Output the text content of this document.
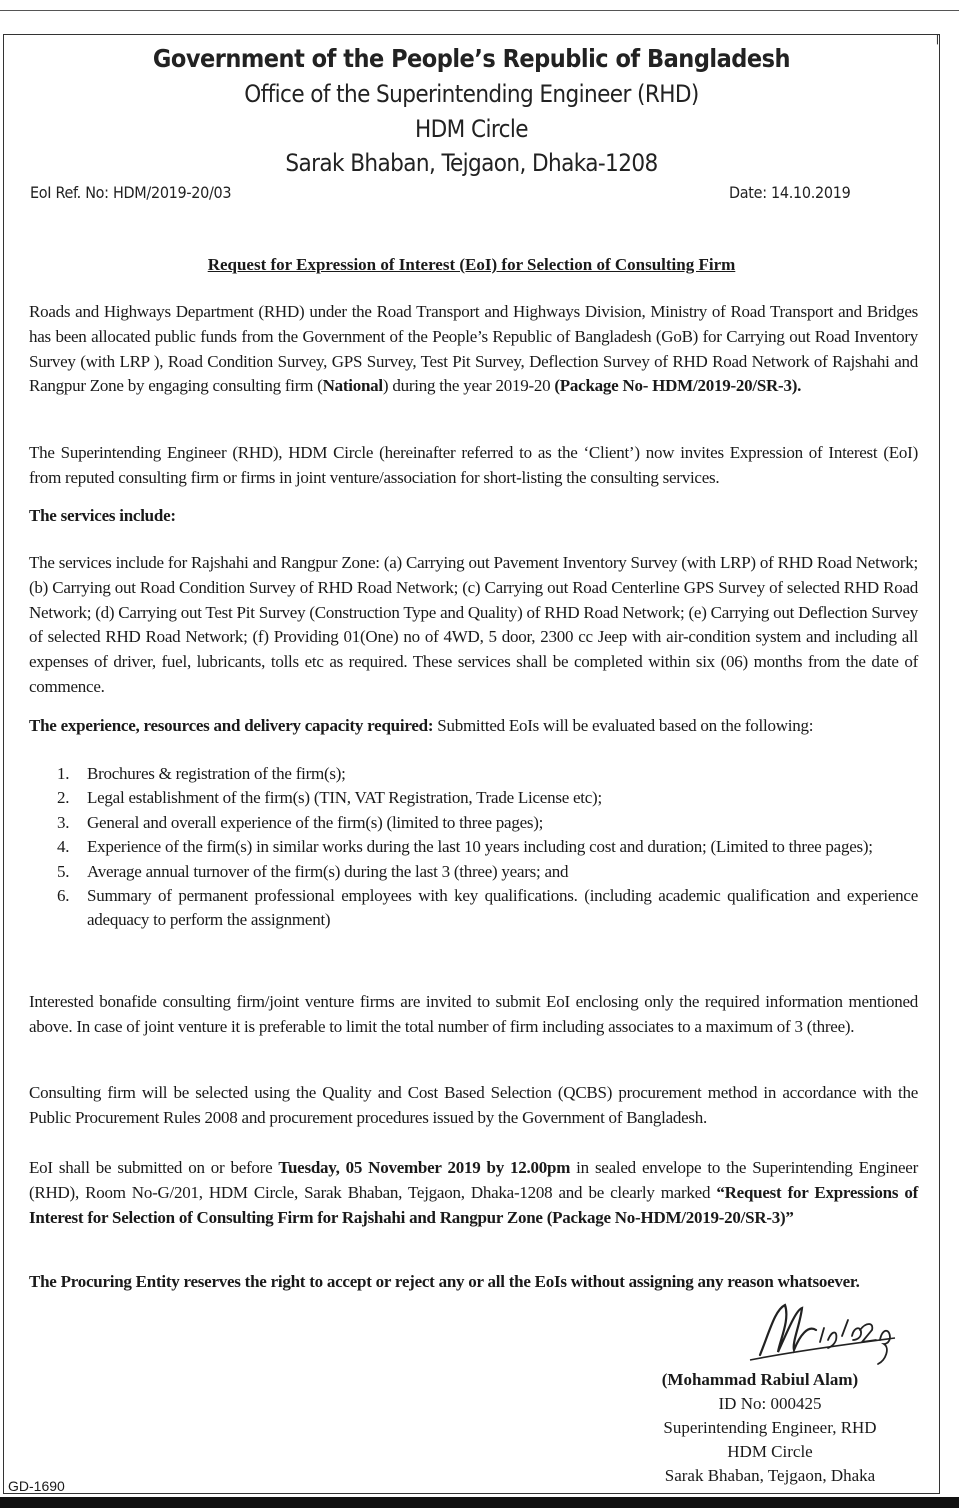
⌈
Government of the People’s Republic of Bangladesh
Office of the Superintending Engineer (RHD)
HDM Circle
Sarak Bhaban, Tejgaon, Dhaka-1208
EoI Ref. No: HDM/2019-20/03	Date: 14.10.2019
Request for Expression of Interest (EoI) for Selection of Consulting Firm
Roads and Highways Department (RHD) under the Road Transport and Highways Division, Ministry of Road Transport and Bridges has been allocated public funds from the Government of the People’s Republic of Bangladesh (GoB) for Carrying out Road Inventory Survey (with LRP ), Road Condition Survey, GPS Survey, Test Pit Survey, Deflection Survey of RHD Road Network of Rajshahi and Rangpur Zone by engaging consulting firm (National) during the year 2019-20 (Package No- HDM/2019-20/SR-3).
The Superintending Engineer (RHD), HDM Circle (hereinafter referred to as the ‘Client’) now invites Expression of Interest (EoI) from reputed consulting firm or firms in joint venture/association for short-listing the consulting services.
The services include:
The services include for Rajshahi and Rangpur Zone: (a) Carrying out Pavement Inventory Survey (with LRP) of RHD Road Network; (b) Carrying out Road Condition Survey of RHD Road Network; (c) Carrying out Road Centerline GPS Survey of selected RHD Road Network; (d) Carrying out Test Pit Survey (Construction Type and Quality) of RHD Road Network; (e) Carrying out Deflection Survey of selected RHD Road Network; (f) Providing 01(One) no of 4WD, 5 door, 2300 cc Jeep with air-condition system and including all expenses of driver, fuel, lubricants, tolls etc as required. These services shall be completed within six (06) months from the date of commence.
The experience, resources and delivery capacity required: Submitted EoIs will be evaluated based on the following:
1. Brochures & registration of the firm(s);
2. Legal establishment of the firm(s) (TIN, VAT Registration, Trade License etc);
3. General and overall experience of the firm(s) (limited to three pages);
4. Experience of the firm(s) in similar works during the last 10 years including cost and duration; (Limited to three pages);
5. Average annual turnover of the firm(s) during the last 3 (three) years; and
6. Summary of permanent professional employees with key qualifications. (including academic qualification and experience adequacy to perform the assignment)
Interested bonafide consulting firm/joint venture firms are invited to submit EoI enclosing only the required information mentioned above. In case of joint venture it is preferable to limit the total number of firm including associates to a maximum of 3 (three).
Consulting firm will be selected using the Quality and Cost Based Selection (QCBS) procurement method in accordance with the Public Procurement Rules 2008 and procurement procedures issued by the Government of Bangladesh.
EoI shall be submitted on or before Tuesday, 05 November 2019 by 12.00pm in sealed envelope to the Superintending Engineer (RHD), Room No-G/201, HDM Circle, Sarak Bhaban, Tejgaon, Dhaka-1208 and be clearly marked “Request for Expressions of Interest for Selection of Consulting Firm for Rajshahi and Rangpur Zone (Package No-HDM/2019-20/SR-3)”
The Procuring Entity reserves the right to accept or reject any or all the EoIs without assigning any reason whatsoever.
(Mohammad Rabiul Alam)
ID No: 000425
Superintending Engineer, RHD
HDM Circle
Sarak Bhaban, Tejgaon, Dhaka
GD-1690
